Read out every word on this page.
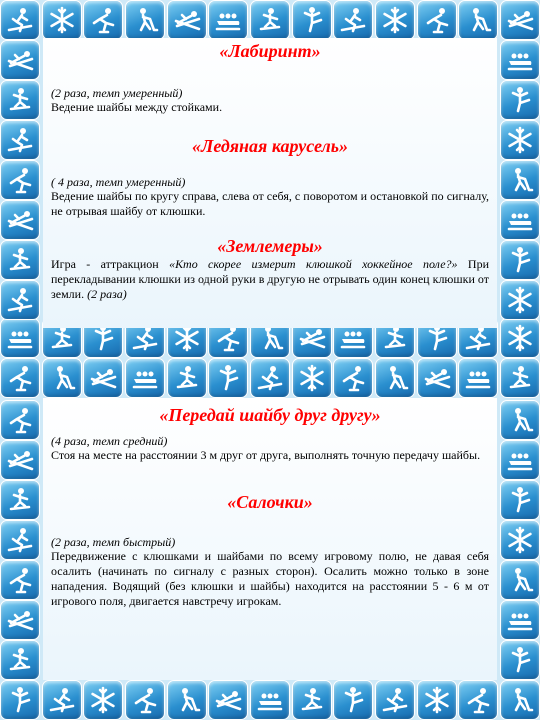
«Лабиринт»

(2 раза, темп умеренный)

Ведение шайбы между стойками.

«Ледяная карусель»

( 4 раза, темп умеренный)

Ведение шайбы по кругу справа, слева от себя, с поворотом и остановкой по сигналу, не отрывая шайбу от клюшки.

«Землемеры»

Игра - аттракцион «Кто скорее измерит клюшкой хоккейное поле?» При перекладывании клюшки из одной руки в другую не отрывать один конец клюшки от земли. (2 раза)

«Передай шайбу друг другу»

(4 раза, темп средний)

Стоя на месте на расстоянии 3 м друг от друга, выполнять точную передачу шайбы.

«Салочки»

(2 раза, темп быстрый)

Передвижение с клюшками и шайбами по всему игровому полю, не давая себя осалить (начинать по сигналу с разных сторон). Осалить можно только в зоне нападения. Водящий (без клюшки и шайбы) находится на расстоянии 5 - 6 м от игрового поля, двигается навстречу игрокам.
